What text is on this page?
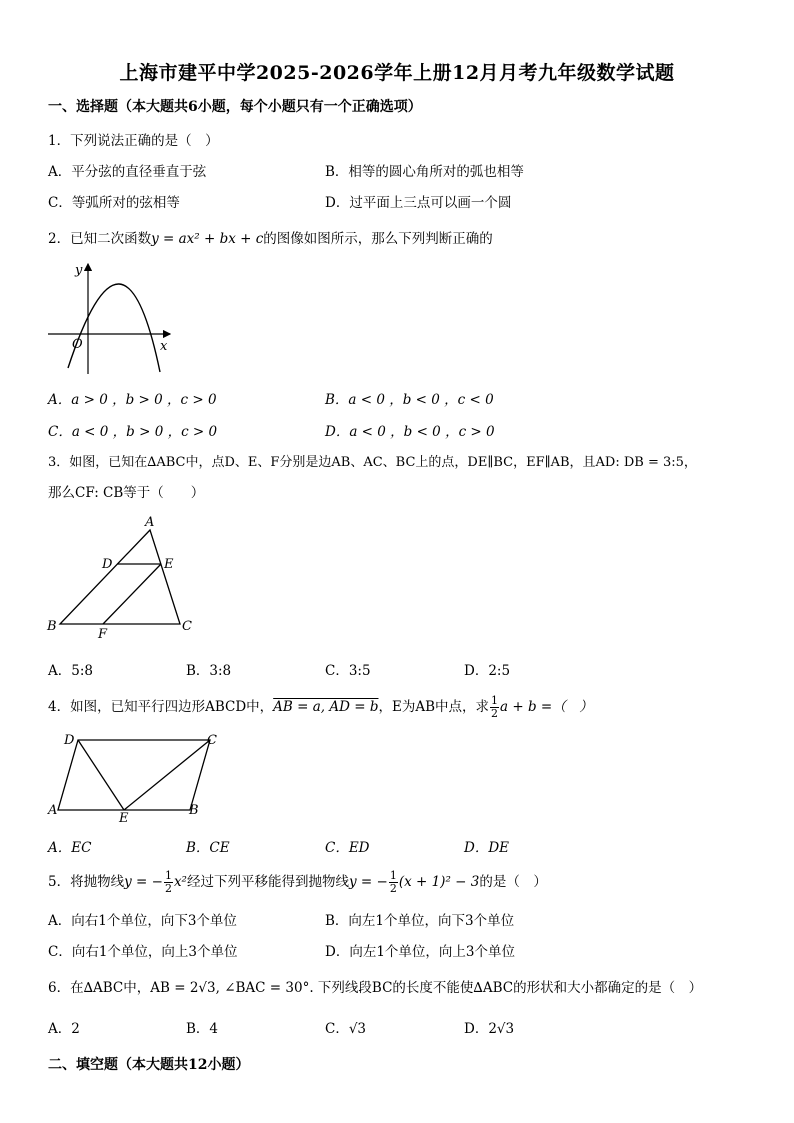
上海市建平中学2025-2026学年上册12月月考九年级数学试题
一、选择题（本大题共6小题，每个小题只有一个正确选项）
1．下列说法正确的是（　）
A．平分弦的直径垂直于弦	B．相等的圆心角所对的弧也相等
C．等弧所对的弦相等	D．过平面上三点可以画一个圆
2．已知二次函数y = ax² + bx + c的图像如图所示，那么下列判断正确的
y
x
O
A．a > 0 ，b > 0 ，c > 0	B．a < 0 ，b < 0 ，c < 0
C．a < 0 ，b > 0 ，c > 0	D．a < 0 ，b < 0 ，c > 0
3．如图，已知在∆ABC中，点D、E、F分别是边AB、AC、BC上的点，DE∥BC，EF∥AB，且AD: DB = 3:5，
那么CF: CB等于（　　）
A
B	C
D	E
F
A．5:8	B．3:8	C．3:5	D．2:5
4．如图，已知平行四边形ABCD中，AB = a, AD = b，E为AB中点，求 $\frac{1}{2}$ a + b =（　）
D	C
A	B
E
A．EC	B．CE	C．ED	D．DE
5．将抛物线y = − $\frac{1}{2} x^2$经过下列平移能得到抛物线y = − $\frac{1}{2} (x + 1)^2 - 3$的是（　）
A．向右1个单位，向下3个单位	B．向左1个单位，向下3个单位
C．向右1个单位，向上3个单位	D．向左1个单位，向上3个单位
6．在∆ABC中，AB = 2√3, ∠BAC = 30°. 下列线段BC的长度不能使∆ABC的形状和大小都确定的是（　）
A．2	B．4	C．√3	D．2√3
二、填空题（本大题共12小题）
